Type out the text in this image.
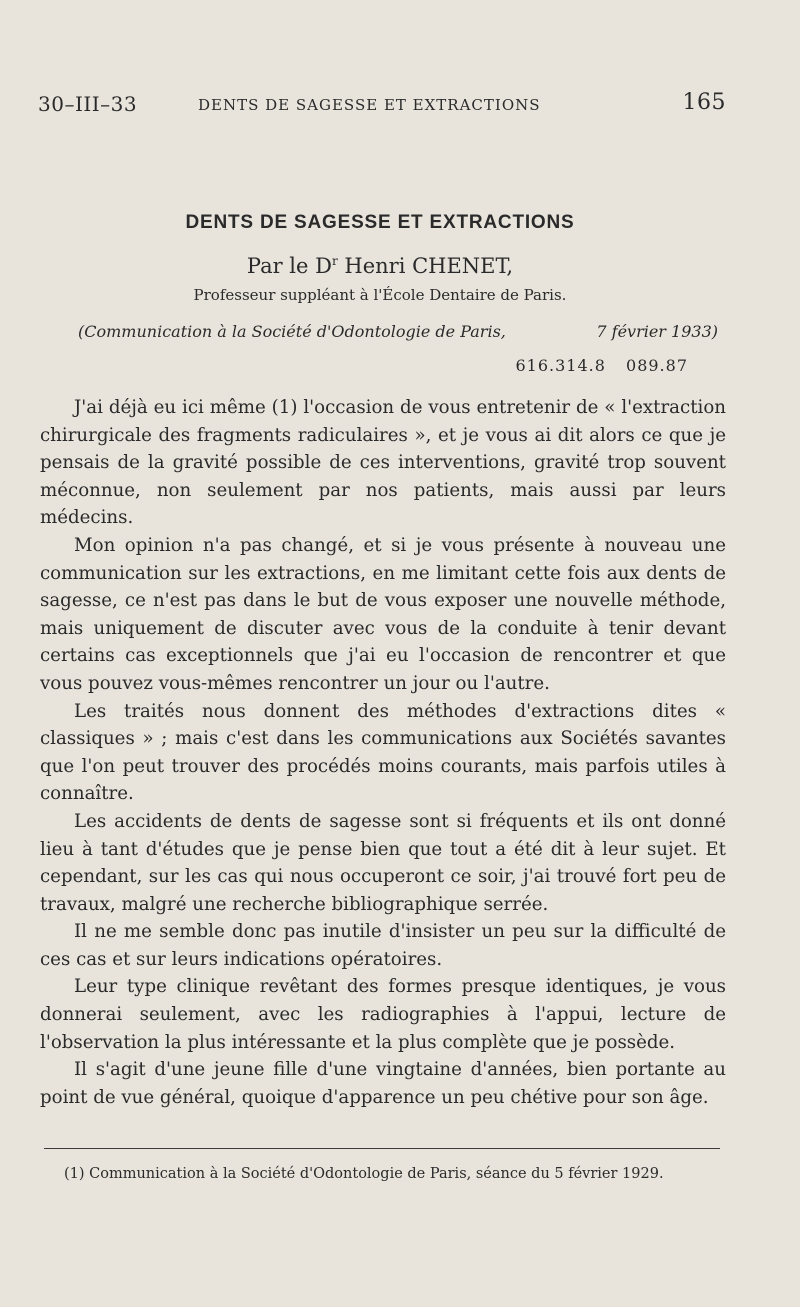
30–III–33	DENTS DE SAGESSE ET EXTRACTIONS	165
DENTS DE SAGESSE ET EXTRACTIONS
Par le $D^r$ Henri CHENET,
Professeur suppléant à l'École Dentaire de Paris.
(Communication à la Société d'Odontologie de Paris,	7 février 1933)
616.314.8 089.87

J'ai déjà eu ici même (1) l'occasion de vous entretenir de « l'extraction chirurgicale des fragments radiculaires », et je vous ai dit alors ce que je pensais de la gravité possible de ces interventions, gravité trop souvent méconnue, non seulement par nos patients, mais aussi par leurs médecins.

Mon opinion n'a pas changé, et si je vous présente à nouveau une communication sur les extractions, en me limitant cette fois aux dents de sagesse, ce n'est pas dans le but de vous exposer une nouvelle méthode, mais uniquement de discuter avec vous de la conduite à tenir devant certains cas exceptionnels que j'ai eu l'occasion de rencontrer et que vous pouvez vous-mêmes rencontrer un jour ou l'autre.

Les traités nous donnent des méthodes d'extractions dites « classiques » ; mais c'est dans les communications aux Sociétés savantes que l'on peut trouver des procédés moins courants, mais parfois utiles à connaître.

Les accidents de dents de sagesse sont si fréquents et ils ont donné lieu à tant d'études que je pense bien que tout a été dit à leur sujet. Et cependant, sur les cas qui nous occuperont ce soir, j'ai trouvé fort peu de travaux, malgré une recherche bibliographique serrée.

Il ne me semble donc pas inutile d'insister un peu sur la difficulté de ces cas et sur leurs indications opératoires.

Leur type clinique revêtant des formes presque identiques, je vous donnerai seulement, avec les radiographies à l'appui, lecture de l'observation la plus intéressante et la plus complète que je possède.

Il s'agit d'une jeune fille d'une vingtaine d'années, bien portante au point de vue général, quoique d'apparence un peu chétive pour son âge.

(1) Communication à la Société d'Odontologie de Paris, séance du 5 février 1929.
